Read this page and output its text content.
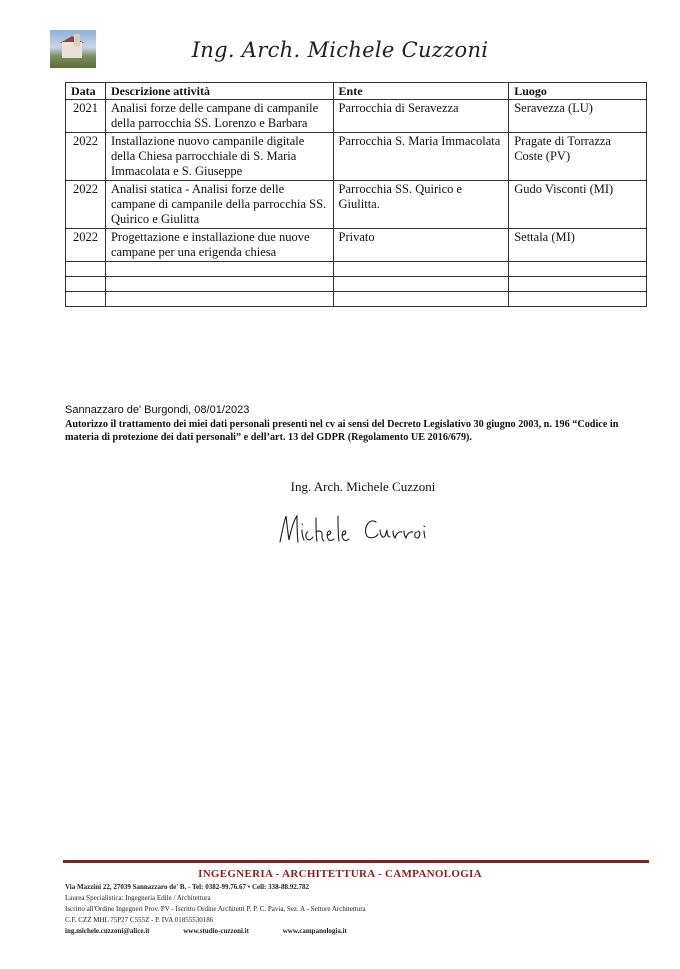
Ing. Arch. Michele Cuzzoni
Data	Descrizione attività	Ente	Luogo
2021	Analisi forze delle campane di campanile della parrocchia SS. Lorenzo e Barbara	Parrocchia di Seravezza	Seravezza (LU)
2022	Installazione nuovo campanile digitale della Chiesa parrocchiale di S. Maria Immacolata e S. Giuseppe	Parrocchia S. Maria Immacolata	Pragate di Torrazza Coste (PV)
2022	Analisi statica - Analisi forze delle campane di campanile della parrocchia SS. Quirico e Giulitta	Parrocchia SS. Quirico e Giulitta.	Gudo Visconti (MI)
2022	Progettazione e installazione due nuove campane per una erigenda chiesa	Privato	Settala (MI)

Sannazzaro de' Burgondi, 08/01/2023
Autorizzo il trattamento dei miei dati personali presenti nel cv ai sensi del Decreto Legislativo 30 giugno 2003, n. 196 “Codice in materia di protezione dei dati personali” e dell’art. 13 del GDPR (Regolamento UE 2016/679).
Ing. Arch. Michele Cuzzoni
INGEGNERIA - ARCHITETTURA - CAMPANOLOGIA
Via Mazzini 22, 27039 Sannazzaro de' B. - Tel: 0382-99.76.67 • Cell: 338-88.92.782
Laurea Specialistica: Ingegneria Edile / Architettura
Iscritto all'Ordine Ingegneri Prov. PV - Iscritto Ordine Architetti P. P. C. Pavia, Sez. A - Settore Architettura
C.F. CZZ MHL 75P27 C555Z - P. IVA 01855530186
ing.michele.cuzzoni@alice.it	www.studio-cuzzoni.it	www.campanologia.it
